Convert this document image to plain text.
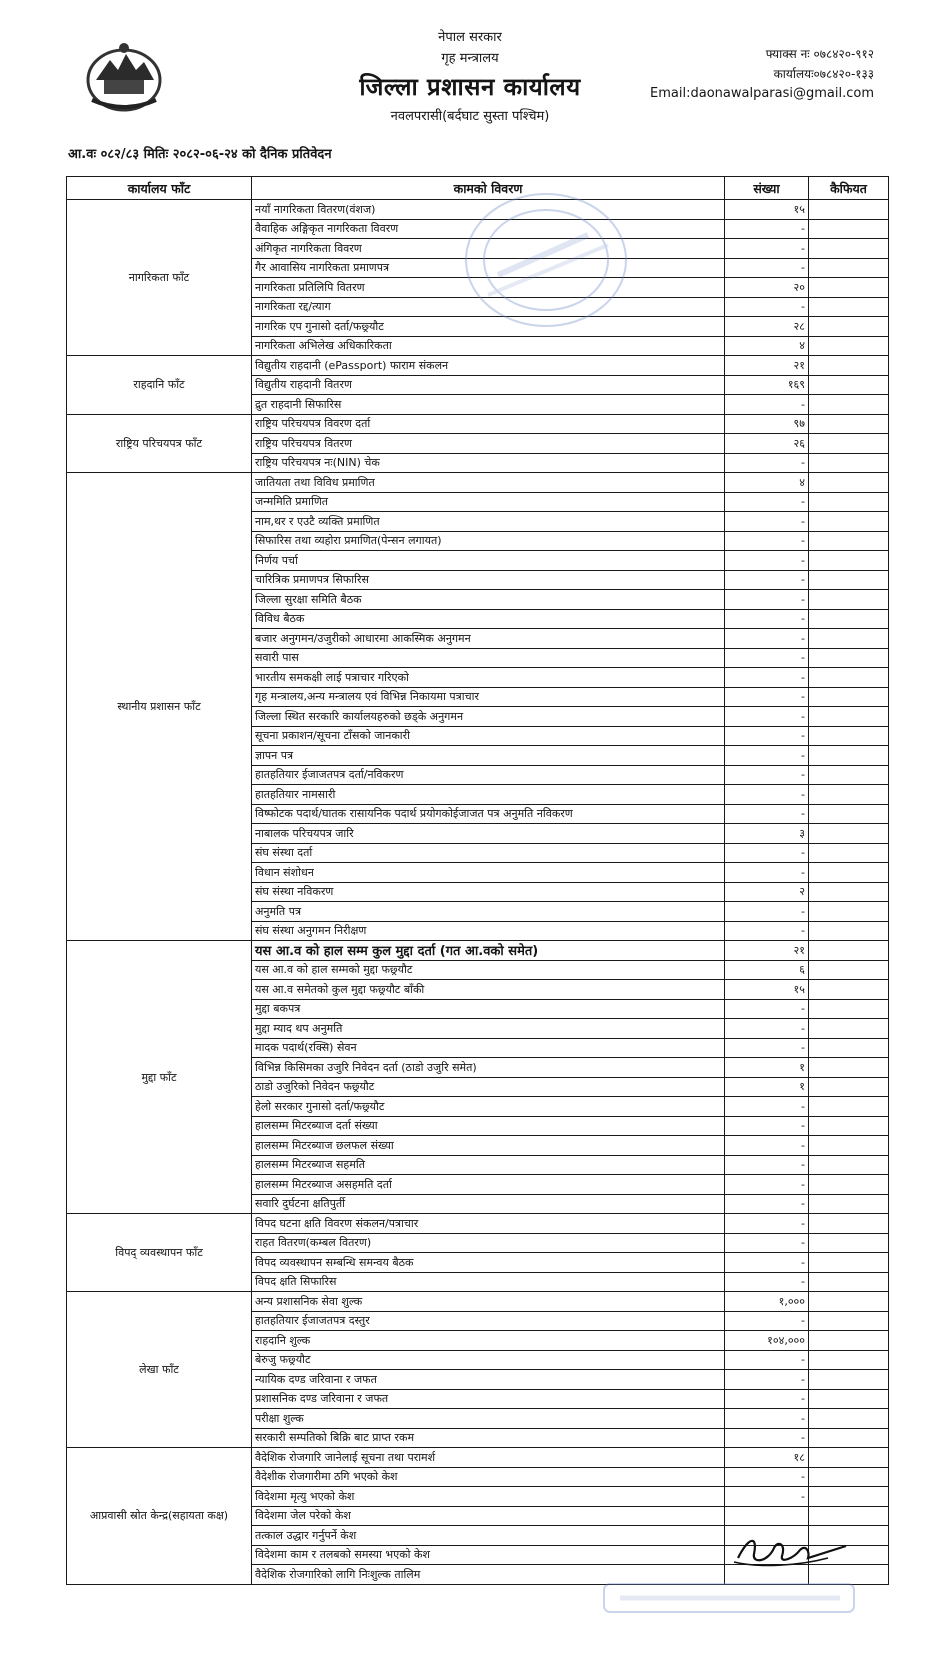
नेपाल सरकार
गृह मन्त्रालय
जिल्ला प्रशासन कार्यालय
नवलपरासी(बर्दघाट सुस्ता पश्चिम)
फ्याक्स नः ०७८४२०-९१२
कार्यालयः०७८४२०-१३३
Email:daonawalparasi@gmail.com
आ.वः ०८२/८३ मितिः २०८२-०६-२४ को दैनिक प्रतिवेदन
कार्यालय फाँट	कामको विवरण	संख्या	कैफियत
नागरिकता फाँट	नयाँ नागरिकता वितरण(वंशज)	१५	
	वैवाहिक अङ्गिकृत नागरिकता विवरण	-	
	अंगिकृत नागरिकता विवरण	-	
	गैर आवासिय नागरिकता प्रमाणपत्र	-	
	नागरिकता प्रतिलिपि वितरण	२०	
	नागरिकता रद्द/त्याग	-	
	नागरिक एप गुनासो दर्ता/फछ्र्यौट	२८	
	नागरिकता अभिलेख अधिकारिकता	४	
राहदानि फाँट	विद्युतीय राहदानी (ePassport) फाराम संकलन	२१	
	विद्युतीय राहदानी वितरण	१६९	
	द्रुत राहदानी सिफारिस	-	
राष्ट्रिय परिचयपत्र फाँट	राष्ट्रिय परिचयपत्र विवरण दर्ता	९७	
	राष्ट्रिय परिचयपत्र वितरण	२६	
	राष्ट्रिय परिचयपत्र नः(NIN) चेक	-	
स्थानीय प्रशासन फाँट	जातियता तथा विविध प्रमाणित	४	
	जन्ममिति प्रमाणित	-	
	नाम,थर र एउटै व्यक्ति प्रमाणित	-	
	सिफारिस तथा व्यहोरा प्रमाणित(पेन्सन लगायत)	-	
	निर्णय पर्चा	-	
	चारित्रिक प्रमाणपत्र सिफारिस	-	
	जिल्ला सुरक्षा समिति बैठक	-	
	विविध बैठक	-	
	बजार अनुगमन/उजुरीको आधारमा आकस्मिक अनुगमन	-	
	सवारी पास	-	
	भारतीय समकक्षी लाई पत्राचार गरिएको	-	
	गृह मन्त्रालय,अन्य मन्त्रालय एवं विभिन्न निकायमा पत्राचार	-	
	जिल्ला स्थित सरकारि कार्यालयहरुको छड्के अनुगमन	-	
	सूचना प्रकाशन/सूचना टाँसको जानकारी	-	
	ज्ञापन पत्र	-	
	हातहतियार ईजाजतपत्र दर्ता/नविकरण	-	
	हातहतियार नामसारी	-	
	विष्फोटक पदार्थ/घातक रासायनिक पदार्थ प्रयोगकोईजाजत पत्र अनुमति नविकरण	-	
	नाबालक परिचयपत्र जारि	३	
	संघ संस्था दर्ता	-	
	विधान संशोधन	-	
	संघ संस्था नविकरण	२	
	अनुमति पत्र	-	
	संघ संस्था अनुगमन निरीक्षण	-	
मुद्दा फाँट	यस आ.व को हाल सम्म कुल मुद्दा दर्ता (गत आ.वको समेत)	२१	
	यस आ.व को हाल सम्मको मुद्दा फछ्र्यौट	६	
	यस आ.व समेतको कुल मुद्दा फछ्र्यौट बाँकी	१५	
	मुद्दा बकपत्र	-	
	मुद्दा म्याद थप अनुमति	-	
	मादक पदार्थ(रक्सि) सेवन	-	
	विभिन्न किसिमका उजुरि निवेदन दर्ता (ठाडो उजुरि समेत)	१	
	ठाडो उजुरिको निवेदन फछ्र्यौट	१	
	हेलो सरकार गुनासो दर्ता/फछ्र्यौट	-	
	हालसम्म मिटरब्याज दर्ता संख्या	-	
	हालसम्म मिटरब्याज छलफल संख्या	-	
	हालसम्म मिटरब्याज सहमति	-	
	हालसम्म मिटरब्याज असहमति दर्ता	-	
	सवारि दुर्घटना क्षतिपुर्ती	-	
विपद् व्यवस्थापन फाँट	विपद घटना क्षति विवरण संकलन/पत्राचार	-	
	राहत वितरण(कम्बल वितरण)	-	
	विपद व्यवस्थापन सम्बन्धि समन्वय बैठक	-	
	विपद क्षति सिफारिस	-	
लेखा फाँट	अन्य प्रशासनिक सेवा शुल्क	१,०००	
	हातहतियार ईजाजतपत्र दस्तुर	-	
	राहदानि शुल्क	१०४,०००	
	बेरुजु फछ्र्यौट	-	
	न्यायिक दण्ड जरिवाना र जफत	-	
	प्रशासनिक दण्ड जरिवाना र जफत	-	
	परीक्षा शुल्क	-	
	सरकारी सम्पतिको बिक्रि बाट प्राप्त रकम	-	
आप्रवासी स्रोत केन्द्र(सहायता कक्ष)	वैदेशिक रोजगारि जानेलाई सूचना तथा परामर्श	१८	
	वैदेशीक रोजगारीमा ठगि भएको केश	-	
	विदेशमा मृत्यु भएको केश	-	
	विदेशमा जेल परेको केश		
	तत्काल उद्धार गर्नुपर्ने केश		
	विदेशमा काम र तलबको समस्या भएको केश		
	वैदेशिक रोजगारिको लागि निःशुल्क तालिम		
